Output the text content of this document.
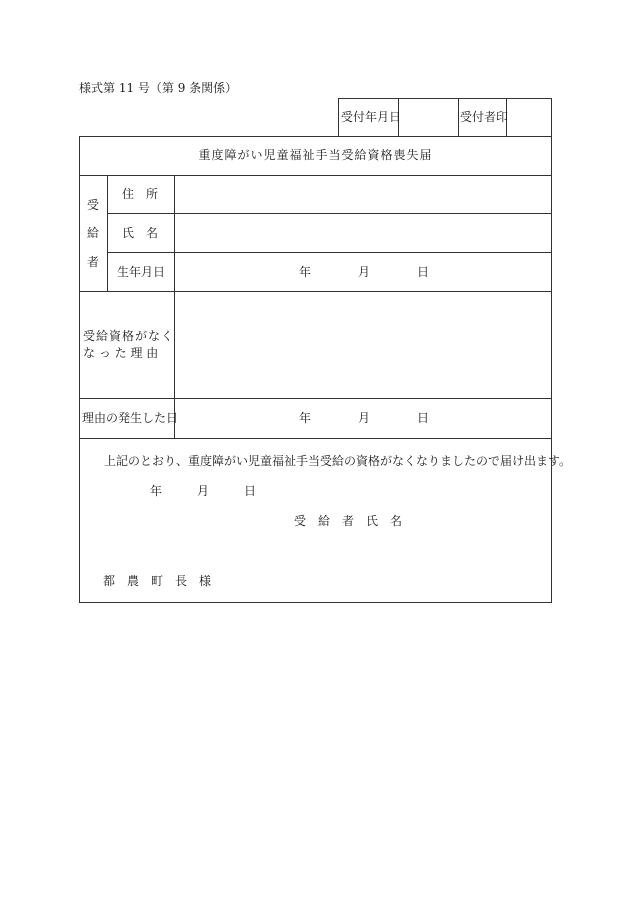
様式第 11 号（第 9 条関係）
受付年月日	受付者印
重度障がい児童福祉手当受給資格喪失届
受
給
者
住　所
氏　名
生年月日	年	月	日
受給資格がなく
な っ た 理 由
理由の発生した日	年	月	日
上記のとおり、重度障がい児童福祉手当受給の資格がなくなりましたので届け出ます。
年	月	日
受　給　者　氏　名
都　農　町　長　様
